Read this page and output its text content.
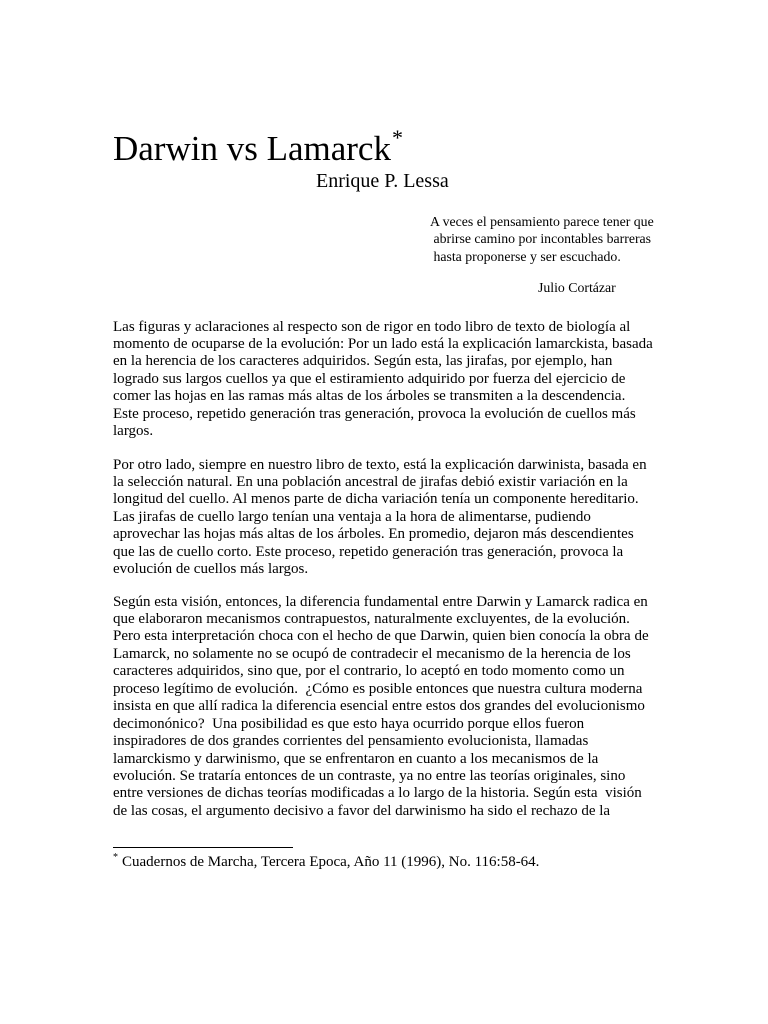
Darwin vs Lamarck*
Enrique P. Lessa
A veces el pensamiento parece tener que
abrirse camino por incontables barreras
hasta proponerse y ser escuchado.
Julio Cortázar
Las figuras y aclaraciones al respecto son de rigor en todo libro de texto de biología al
momento de ocuparse de la evolución: Por un lado está la explicación lamarckista, basada
en la herencia de los caracteres adquiridos. Según esta, las jirafas, por ejemplo, han
logrado sus largos cuellos ya que el estiramiento adquirido por fuerza del ejercicio de
comer las hojas en las ramas más altas de los árboles se transmiten a la descendencia.
Este proceso, repetido generación tras generación, provoca la evolución de cuellos más
largos.
Por otro lado, siempre en nuestro libro de texto, está la explicación darwinista, basada en
la selección natural. En una población ancestral de jirafas debió existir variación en la
longitud del cuello. Al menos parte de dicha variación tenía un componente hereditario.
Las jirafas de cuello largo tenían una ventaja a la hora de alimentarse, pudiendo
aprovechar las hojas más altas de los árboles. En promedio, dejaron más descendientes
que las de cuello corto. Este proceso, repetido generación tras generación, provoca la
evolución de cuellos más largos.
Según esta visión, entonces, la diferencia fundamental entre Darwin y Lamarck radica en
que elaboraron mecanismos contrapuestos, naturalmente excluyentes, de la evolución.
Pero esta interpretación choca con el hecho de que Darwin, quien bien conocía la obra de
Lamarck, no solamente no se ocupó de contradecir el mecanismo de la herencia de los
caracteres adquiridos, sino que, por el contrario, lo aceptó en todo momento como un
proceso legítimo de evolución.  ¿Cómo es posible entonces que nuestra cultura moderna
insista en que allí radica la diferencia esencial entre estos dos grandes del evolucionismo
decimonónico?  Una posibilidad es que esto haya ocurrido porque ellos fueron
inspiradores de dos grandes corrientes del pensamiento evolucionista, llamadas
lamarckismo y darwinismo, que se enfrentaron en cuanto a los mecanismos de la
evolución. Se trataría entonces de un contraste, ya no entre las teorías originales, sino
entre versiones de dichas teorías modificadas a lo largo de la historia. Según esta  visión
de las cosas, el argumento decisivo a favor del darwinismo ha sido el rechazo de la
* Cuadernos de Marcha, Tercera Epoca, Año 11 (1996), No. 116:58-64.
